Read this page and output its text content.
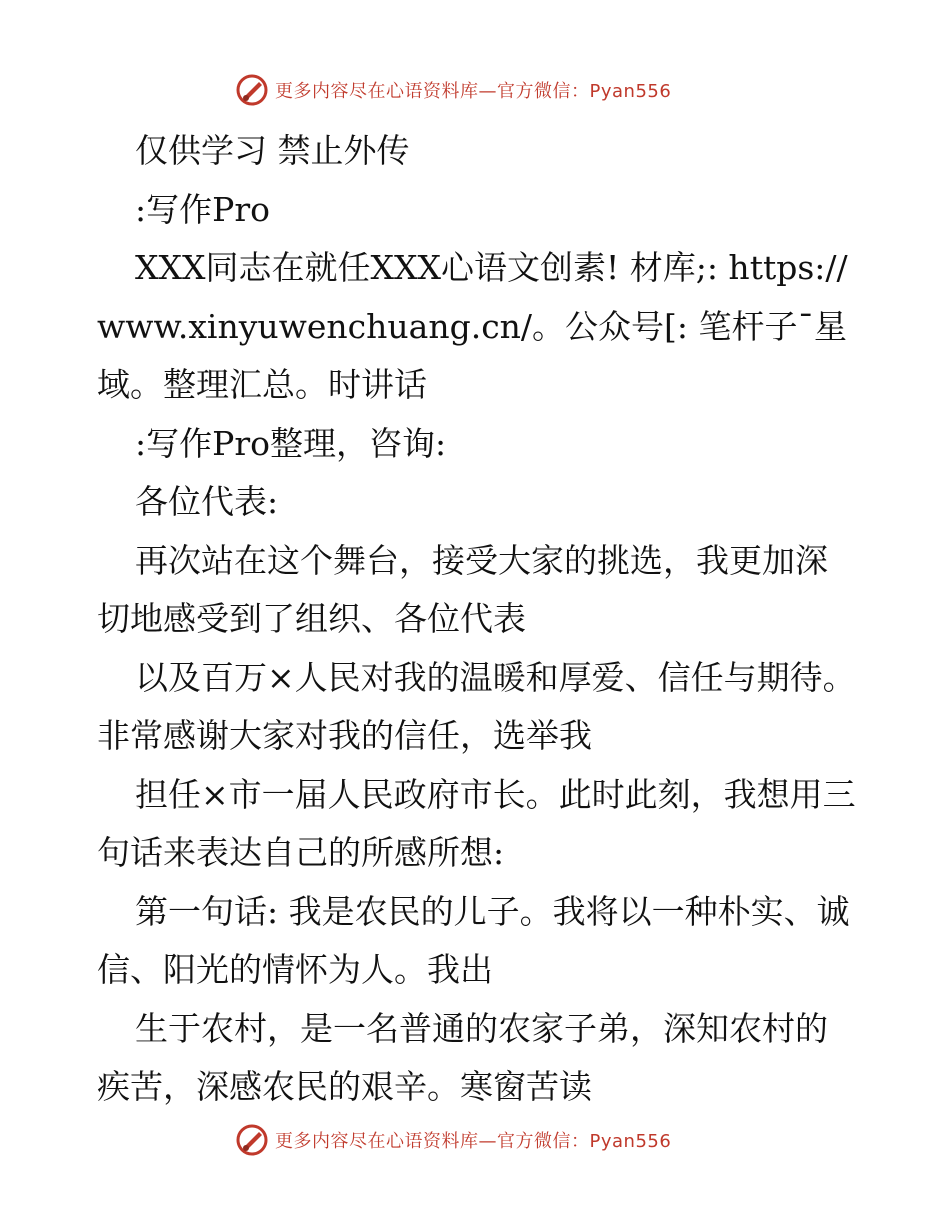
更多内容尽在心语资料库—官方微信：Pyan556

仅供学习 禁止外传

:写作Pro

XXX同志在就任XXX心语文创素! 材库;: https://www.xinyuwenchuang.cn/。公众号[: 笔杆子¯星域。整理汇总。时讲话

:写作Pro整理，咨询:

各位代表:

再次站在这个舞台，接受大家的挑选，我更加深切地感受到了组织、各位代表

以及百万×人民对我的温暖和厚爱、信任与期待。非常感谢大家对我的信任，选举我

担任×市一届人民政府市长。此时此刻，我想用三句话来表达自己的所感所想:

第一句话: 我是农民的儿子。我将以一种朴实、诚信、阳光的情怀为人。我出

生于农村，是一名普通的农家子弟，深知农村的疾苦，深感农民的艰辛。寒窗苦读

更多内容尽在心语资料库—官方微信：Pyan556
